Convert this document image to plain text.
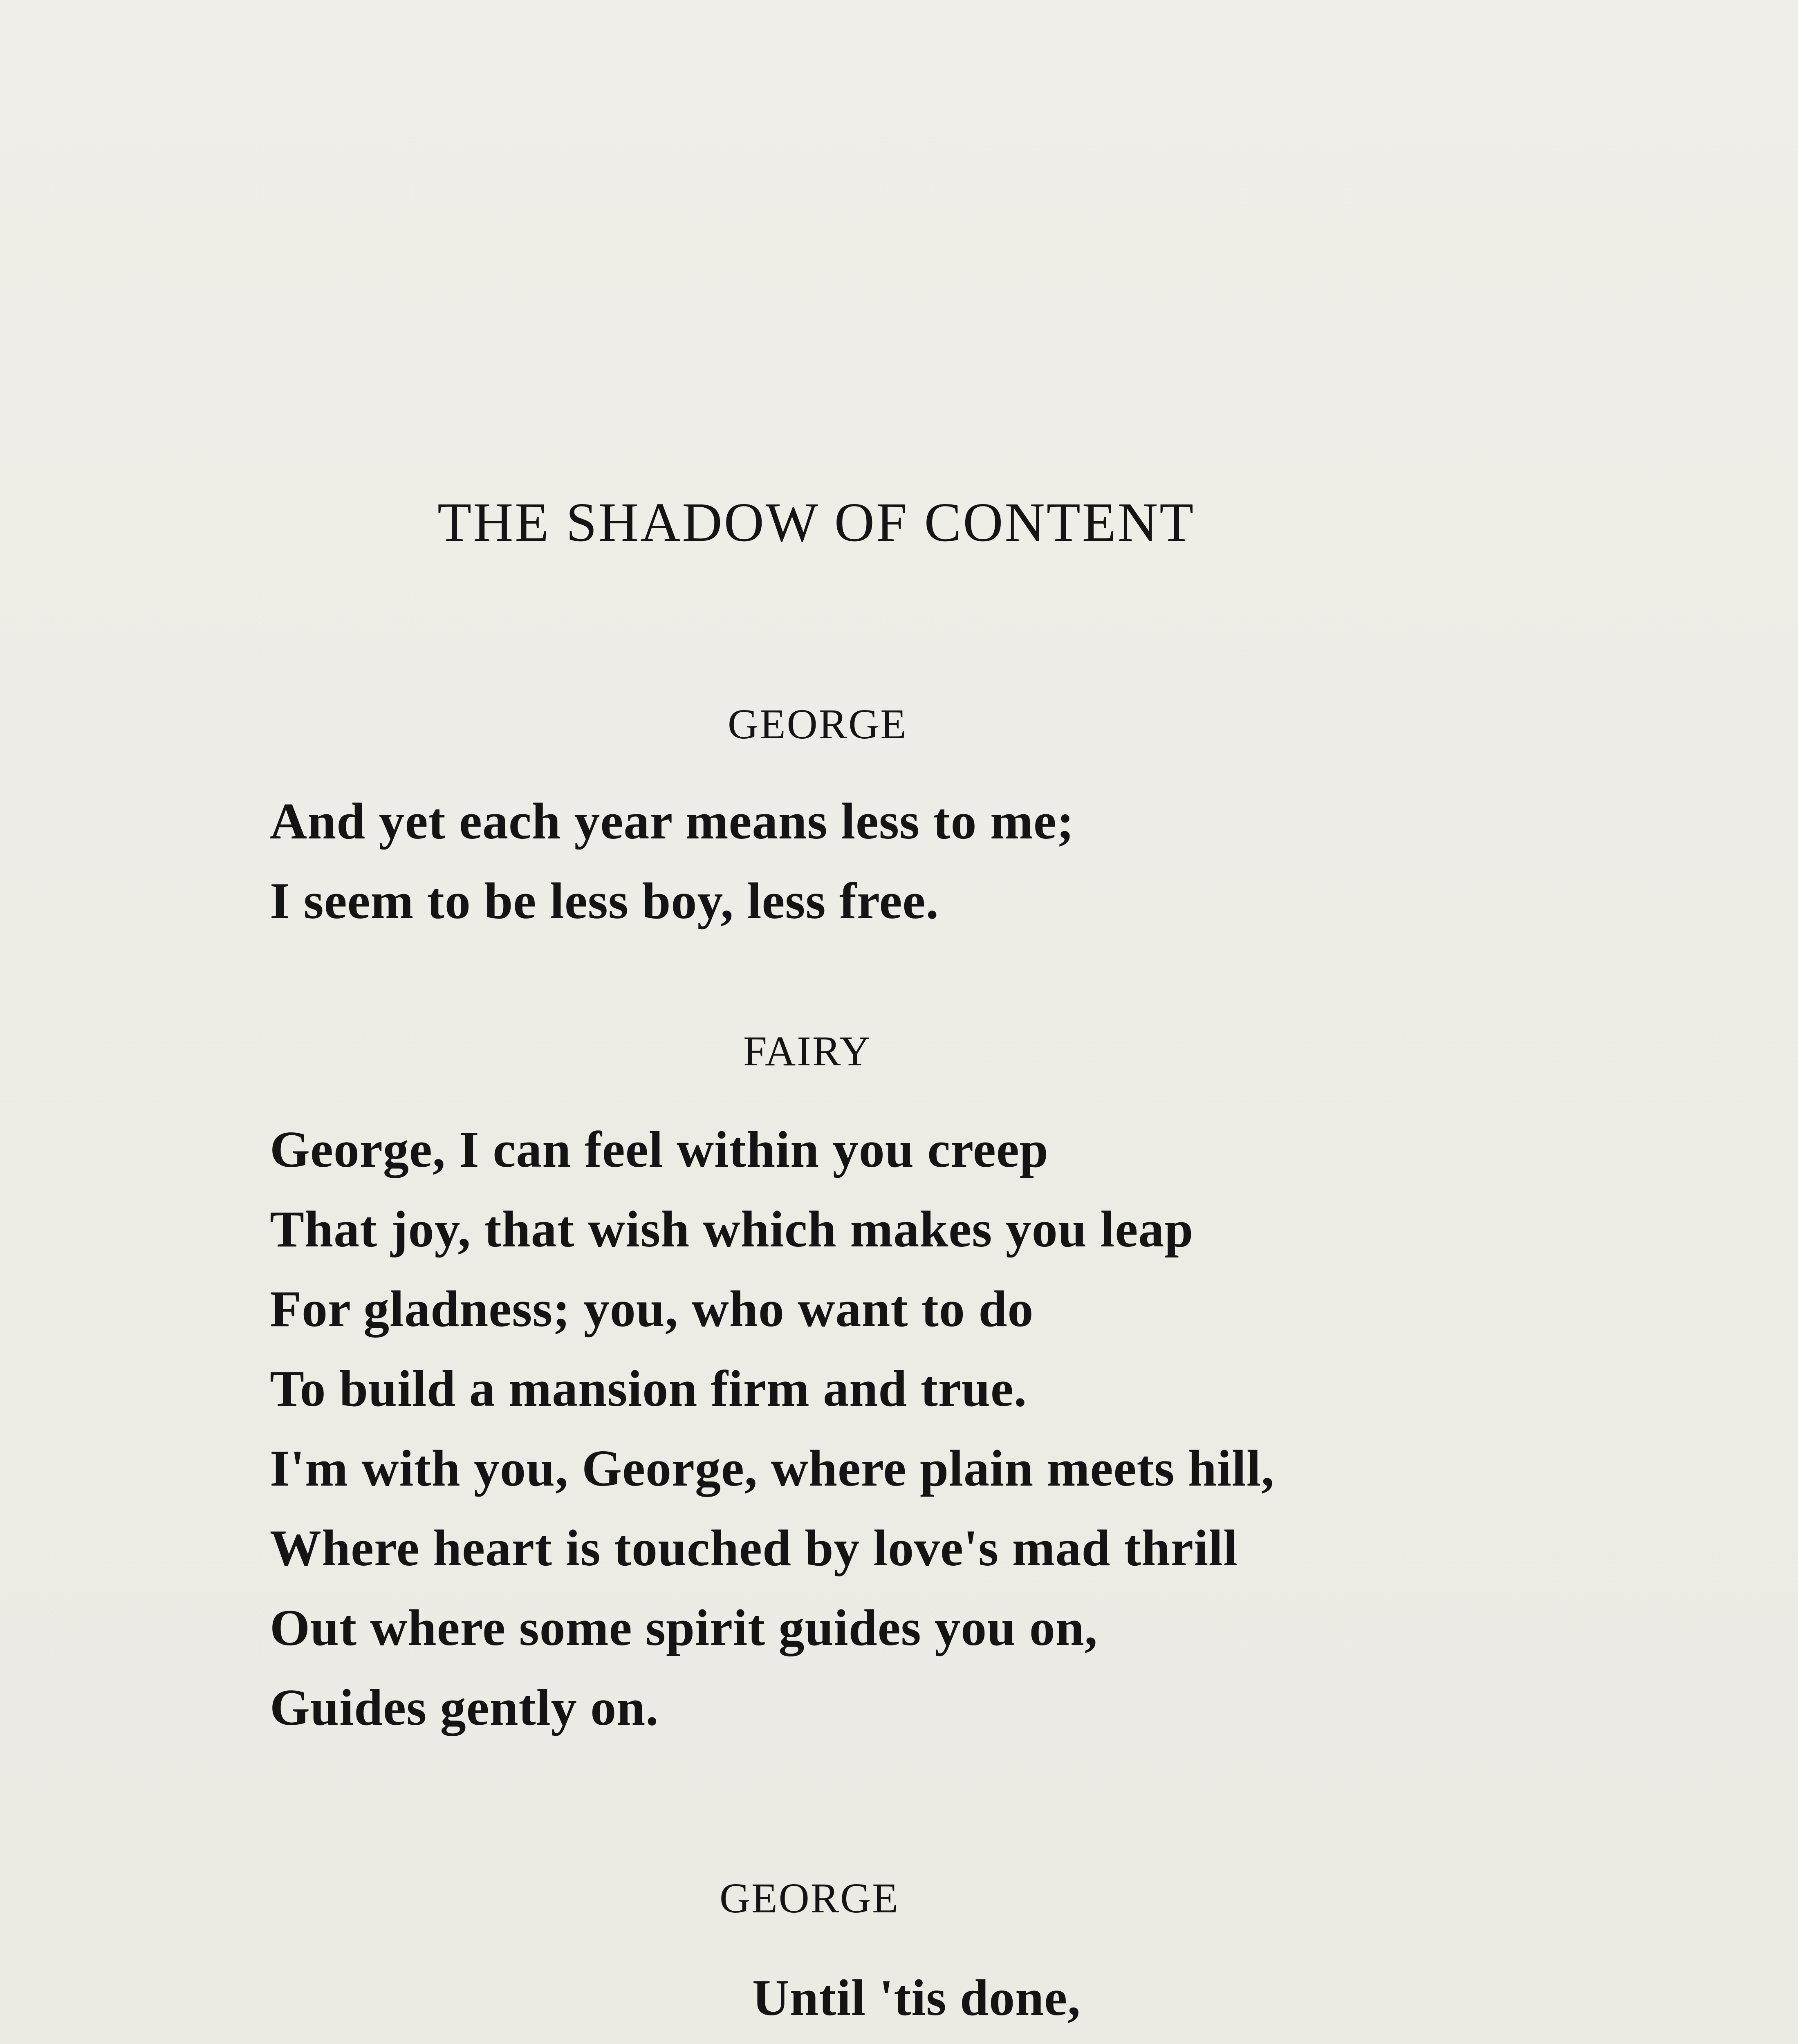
THE SHADOW OF CONTENT
GEORGE
And yet each year means less to me;
I seem to be less boy, less free.
FAIRY
George, I can feel within you creep
That joy, that wish which makes you leap
For gladness; you, who want to do
To build a mansion firm and true.
I'm with you, George, where plain meets hill,
Where heart is touched by love's mad thrill
Out where some spirit guides you on,
Guides gently on.
GEORGE
Until 'tis done,
